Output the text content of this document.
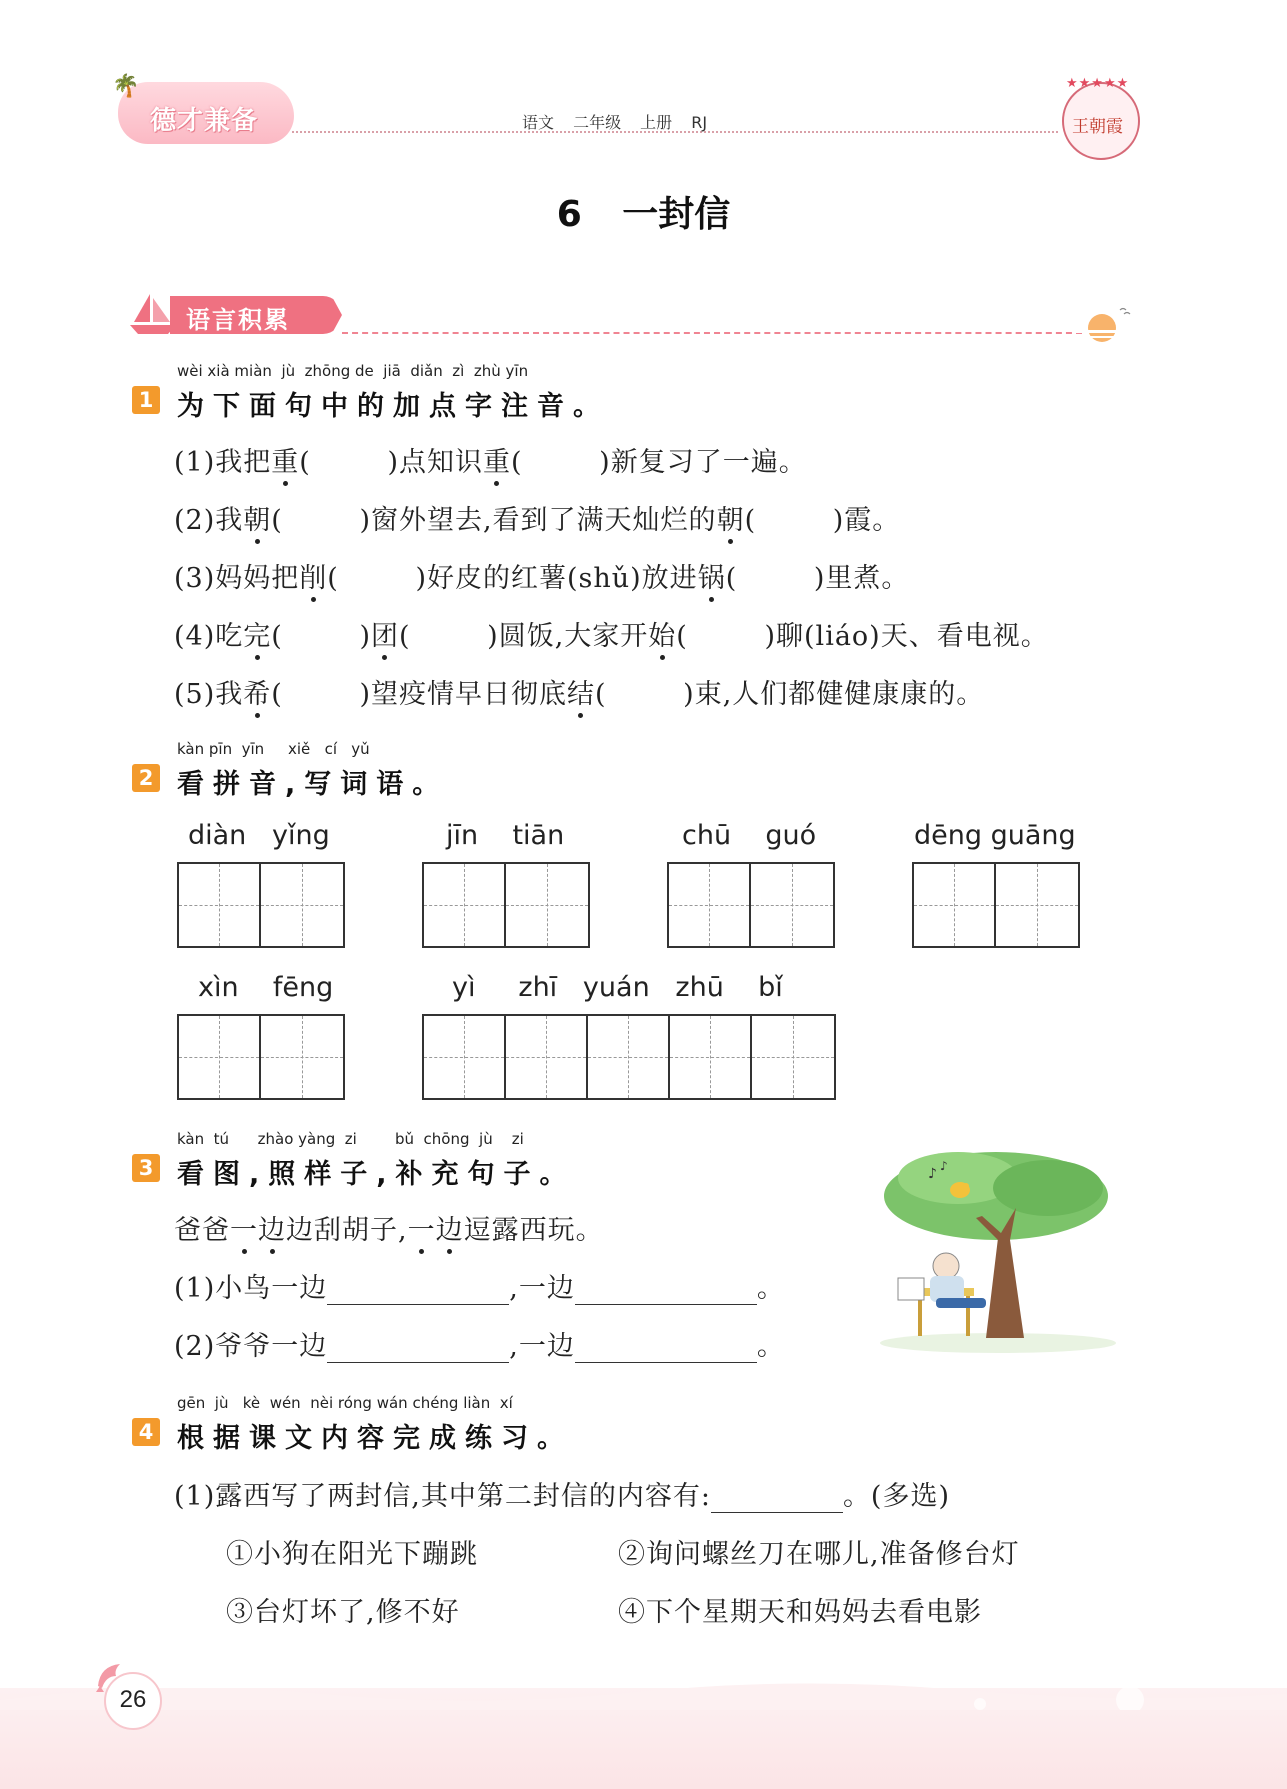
🌴
德才兼备	语文 二年级 上册 RJ
★★★★★
王朝霞
6 一封信
语言积累
1
wèi xià miàn  jù  zhōng de  jiā  diǎn  zì  zhù yīn
为下面句中的加点字注音。
(1)我把重(        )点知识重(        )新复习了一遍。
(2)我朝(        )窗外望去,看到了满天灿烂的朝(        )霞。
(3)妈妈把削(        )好皮的红薯(shǔ)放进锅(        )里煮。
(4)吃完(        )团(        )圆饭,大家开始(        )聊(liáo)天、看电视。
(5)我希(        )望疫情早日彻底结(        )束,人们都健健康康的。
2
kàn pīn  yīn     xiě   cí   yǔ
看拼音,写词语。
diàn   yǐng	jīn    tiān	chū    guó	dēng guāng
xìn    fēng	yì     zhī   yuán   zhū    bǐ
3
kàn  tú      zhào yàng  zi        bǔ  chōng  jù    zi
看图,照样子,补充句子。
爸爸一边边刮胡子,一边逗露西玩。
(1)小鸟一边	,一边	。
(2)爷爷一边	,一边	。
♪ ♪
4
gēn  jù   kè  wén  nèi róng wán chéng liàn  xí
根据课文内容完成练习。
(1)露西写了两封信,其中第二封信的内容有:	。(多选)
①小狗在阳光下蹦跳	②询问螺丝刀在哪儿,准备修台灯
③台灯坏了,修不好	④下个星期天和妈妈去看电影
26
